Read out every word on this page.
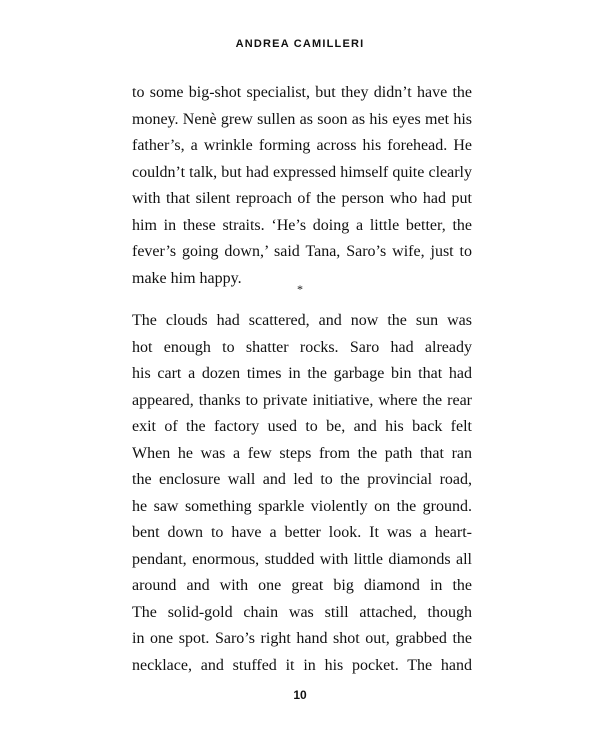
ANDREA CAMILLERI
to some big-shot specialist, but they didn’t have the
money. Nenè grew sullen as soon as his eyes met his
father’s, a wrinkle forming across his forehead. He
couldn’t talk, but had expressed himself quite clearly
with that silent reproach of the person who had put
him in these straits. ‘He’s doing a little better, the
fever’s going down,’ said Tana, Saro’s wife, just to
make him happy.
*
The clouds had scattered, and now the sun was
hot enough to shatter rocks. Saro had already
his cart a dozen times in the garbage bin that had
appeared, thanks to private initiative, where the rear
exit of the factory used to be, and his back felt
When he was a few steps from the path that ran
the enclosure wall and led to the provincial road,
he saw something sparkle violently on the ground.
bent down to have a better look. It was a heart-
pendant, enormous, studded with little diamonds all
around and with one great big diamond in the
The solid-gold chain was still attached, though
in one spot. Saro’s right hand shot out, grabbed the
necklace, and stuffed it in his pocket. The hand
10
